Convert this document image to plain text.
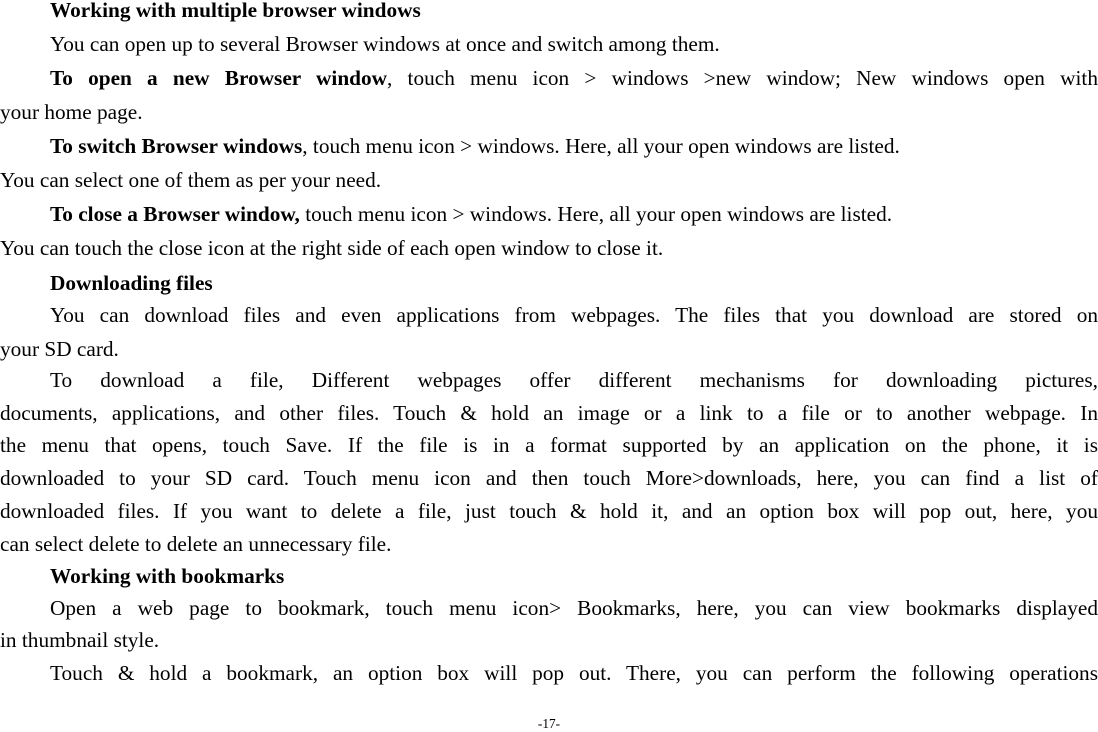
Working with multiple browser windows
You can open up to several Browser windows at once and switch among them.
To open a new Browser window, touch menu icon > windows >new window; New windows open with
your home page.
To switch Browser windows, touch menu icon > windows. Here, all your open windows are listed.
You can select one of them as per your need.
To close a Browser window, touch menu icon > windows. Here, all your open windows are listed.
You can touch the close icon at the right side of each open window to close it.
Downloading files
You can download files and even applications from webpages. The files that you download are stored on
your SD card.
To download a file, Different webpages offer different mechanisms for downloading pictures,
documents, applications, and other files. Touch & hold an image or a link to a file or to another webpage. In
the menu that opens, touch Save. If the file is in a format supported by an application on the phone, it is
downloaded to your SD card. Touch menu icon and then touch More>downloads, here, you can find a list of
downloaded files. If you want to delete a file, just touch & hold it, and an option box will pop out, here, you
can select delete to delete an unnecessary file.
Working with bookmarks
Open a web page to bookmark, touch menu icon> Bookmarks, here, you can view bookmarks displayed
in thumbnail style.
Touch & hold a bookmark, an option box will pop out. There, you can perform the following operations
-17-
